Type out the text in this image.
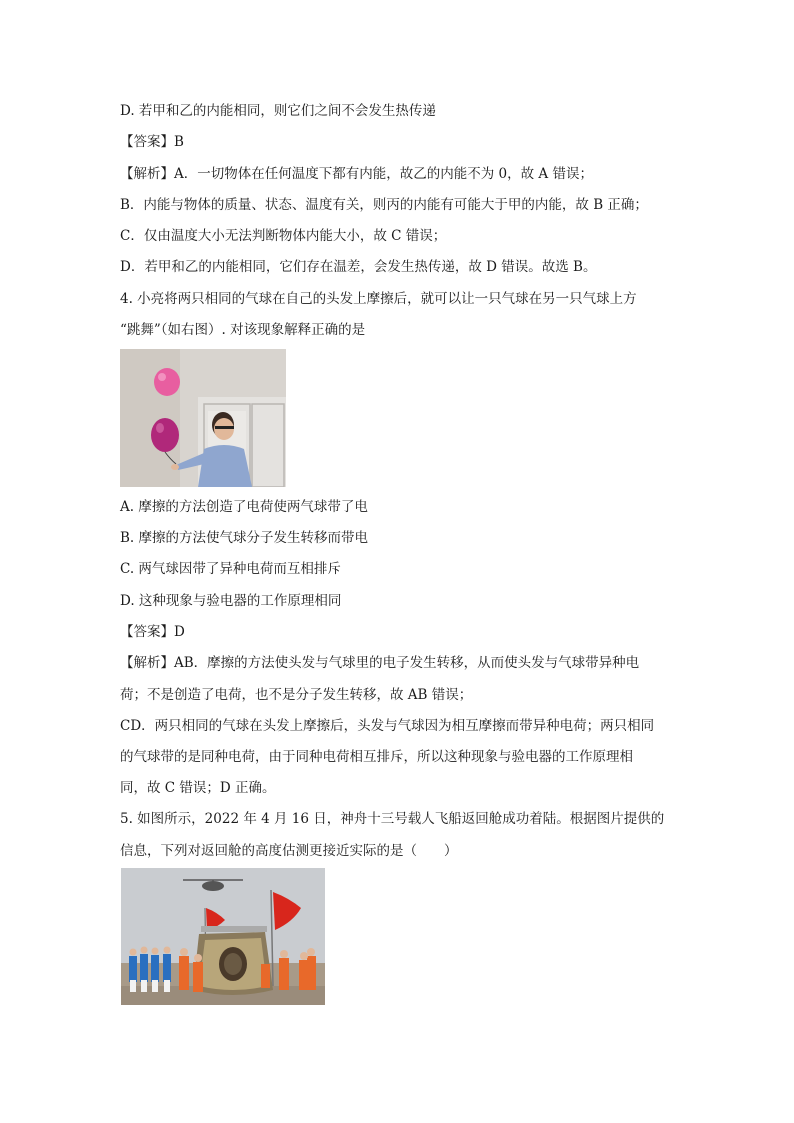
D. 若甲和乙的内能相同，则它们之间不会发生热传递
【答案】B
【解析】A．一切物体在任何温度下都有内能，故乙的内能不为 0，故 A 错误；
B．内能与物体的质量、状态、温度有关，则丙的内能有可能大于甲的内能，故 B 正确；
C．仅由温度大小无法判断物体内能大小，故 C 错误；
D．若甲和乙的内能相同，它们存在温差，会发生热传递，故 D 错误。故选 B。
4. 小亮将两只相同的气球在自己的头发上摩擦后，就可以让一只气球在另一只气球上方
“跳舞”（如右图）. 对该现象解释正确的是
A. 摩擦的方法创造了电荷使两气球带了电
B. 摩擦的方法使气球分子发生转移而带电
C. 两气球因带了异种电荷而互相排斥
D. 这种现象与验电器的工作原理相同
【答案】D
【解析】AB．摩擦的方法使头发与气球里的电子发生转移，从而使头发与气球带异种电
荷；不是创造了电荷，也不是分子发生转移，故 AB 错误；
CD．两只相同的气球在头发上摩擦后，头发与气球因为相互摩擦而带异种电荷；两只相同
的气球带的是同种电荷，由于同种电荷相互排斥，所以这种现象与验电器的工作原理相
同，故 C 错误；D 正确。
5. 如图所示，2022 年 4 月 16 日，神舟十三号载人飞船返回舱成功着陆。根据图片提供的
信息，下列对返回舱的高度估测更接近实际的是（　　）
